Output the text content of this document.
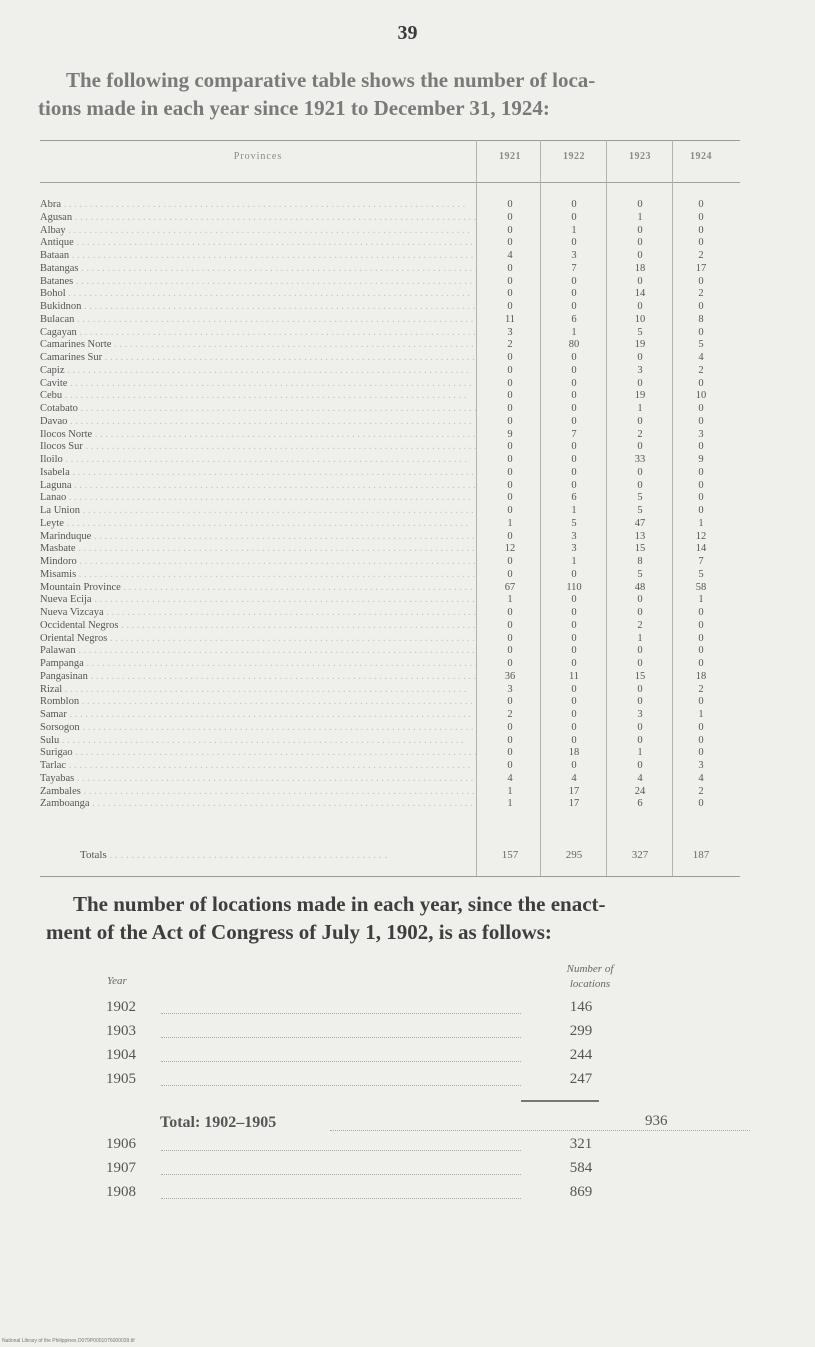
39
The following comparative table shows the number of loca-
tions made in each year since 1921 to December 31, 1924:
Provinces	1921	1922	1923	1924
Abra . . .	0	0	0	0
Agusan . . .	0	0	1	0
Albay . . .	0	1	0	0
Antique . . .	0	0	0	0
Bataan . . .	4	3	0	2
Batangas . . .	0	7	18	17
Batanes . . .	0	0	0	0
Bohol . . .	0	0	14	2
Bukidnon . . .	0	0	0	0
Bulacan . . .	11	6	10	8
Cagayan . . .	3	1	5	0
Camarines Norte . . .	2	80	19	5
Camarines Sur . . .	0	0	0	4
Capiz . . .	0	0	3	2
Cavite . . .	0	0	0	0
Cebu . . .	0	0	19	10
Cotabato . . .	0	0	1	0
Davao . . .	0	0	0	0
Ilocos Norte . . .	9	7	2	3
Ilocos Sur . . .	0	0	0	0
Iloilo . . .	0	0	33	9
Isabela . . .	0	0	0	0
Laguna . . .	0	0	0	0
Lanao . . .	0	6	5	0
La Union . . .	0	1	5	0
Leyte . . .	1	5	47	1
Marinduque . . .	0	3	13	12
Masbate . . .	12	3	15	14
Mindoro . . .	0	1	8	7
Misamis . . .	0	0	5	5
Mountain Province . . .	67	110	48	58
Nueva Ecija . . .	1	0	0	1
Nueva Vizcaya . . .	0	0	0	0
Occidental Negros . . .	0	0	2	0
Oriental Negros . . .	0	0	1	0
Palawan . . .	0	0	0	0
Pampanga . . .	0	0	0	0
Pangasinan . . .	36	11	15	18
Rizal . . .	3	0	0	2
Romblon . . .	0	0	0	0
Samar . . .	2	0	3	1
Sorsogon . . .	0	0	0	0
Sulu . . .	0	0	0	0
Surigao . . .	0	18	1	0
Tarlac . . .	0	0	0	3
Tayabas . . .	4	4	4	4
Zambales . . .	1	17	24	2
Zamboanga . . .	1	17	6	0
Totals . . .	157	295	327	187
The number of locations made in each year, since the enact-
ment of the Act of Congress of July 1, 1902, is as follows:
Year
Number of
locations
1902	146
1903	299
1904	244
1905	247
Total: 1902–1905	936
1906	321
1907	584
1908	869
National Library of the Philippines D079P0001076000039.tif
